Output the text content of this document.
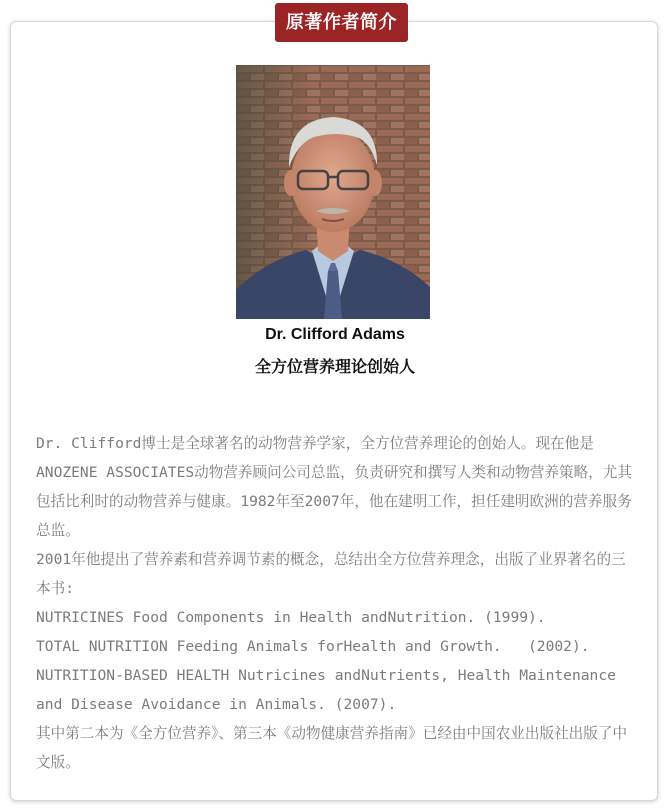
原著作者简介
Dr. Clifford Adams
全方位营养理论创始人

Dr. Clifford博士是全球著名的动物营养学家，全方位营养理论的创始人。现在他是ANOZENE ASSOCIATES动物营养顾问公司总监，负责研究和撰写人类和动物营养策略，尤其包括比利时的动物营养与健康。1982年至2007年，他在建明工作，担任建明欧洲的营养服务总监。

2001年他提出了营养素和营养调节素的概念，总结出全方位营养理念，出版了业界著名的三本书:

NUTRICINES Food Components in Health andNutrition. (1999).

TOTAL NUTRITION Feeding Animals forHealth and Growth.   (2002).

NUTRITION-BASED HEALTH Nutricines andNutrients, Health Maintenance and Disease Avoidance in Animals. (2007).

其中第二本为《全方位营养》、第三本《动物健康营养指南》已经由中国农业出版社出版了中文版。
